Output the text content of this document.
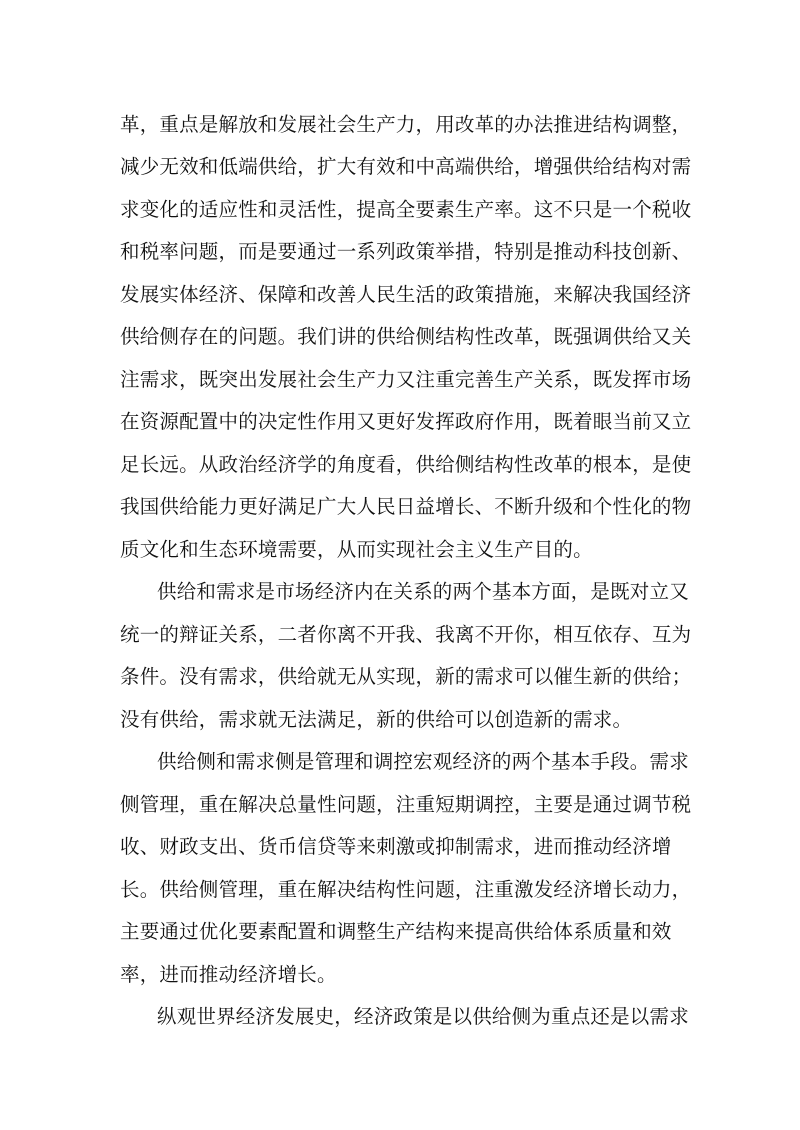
革，重点是解放和发展社会生产力，用改革的办法推进结构调整，
减少无效和低端供给，扩大有效和中高端供给，增强供给结构对需
求变化的适应性和灵活性，提高全要素生产率。这不只是一个税收
和税率问题，而是要通过一系列政策举措，特别是推动科技创新、
发展实体经济、保障和改善人民生活的政策措施，来解决我国经济
供给侧存在的问题。我们讲的供给侧结构性改革，既强调供给又关
注需求，既突出发展社会生产力又注重完善生产关系，既发挥市场
在资源配置中的决定性作用又更好发挥政府作用，既着眼当前又立
足长远。从政治经济学的角度看，供给侧结构性改革的根本，是使
我国供给能力更好满足广大人民日益增长、不断升级和个性化的物
质文化和生态环境需要，从而实现社会主义生产目的。
供给和需求是市场经济内在关系的两个基本方面，是既对立又
统一的辩证关系，二者你离不开我、我离不开你，相互依存、互为
条件。没有需求，供给就无从实现，新的需求可以催生新的供给；
没有供给，需求就无法满足，新的供给可以创造新的需求。
供给侧和需求侧是管理和调控宏观经济的两个基本手段。需求
侧管理，重在解决总量性问题，注重短期调控，主要是通过调节税
收、财政支出、货币信贷等来刺激或抑制需求，进而推动经济增
长。供给侧管理，重在解决结构性问题，注重激发经济增长动力，
主要通过优化要素配置和调整生产结构来提高供给体系质量和效
率，进而推动经济增长。
纵观世界经济发展史，经济政策是以供给侧为重点还是以需求
